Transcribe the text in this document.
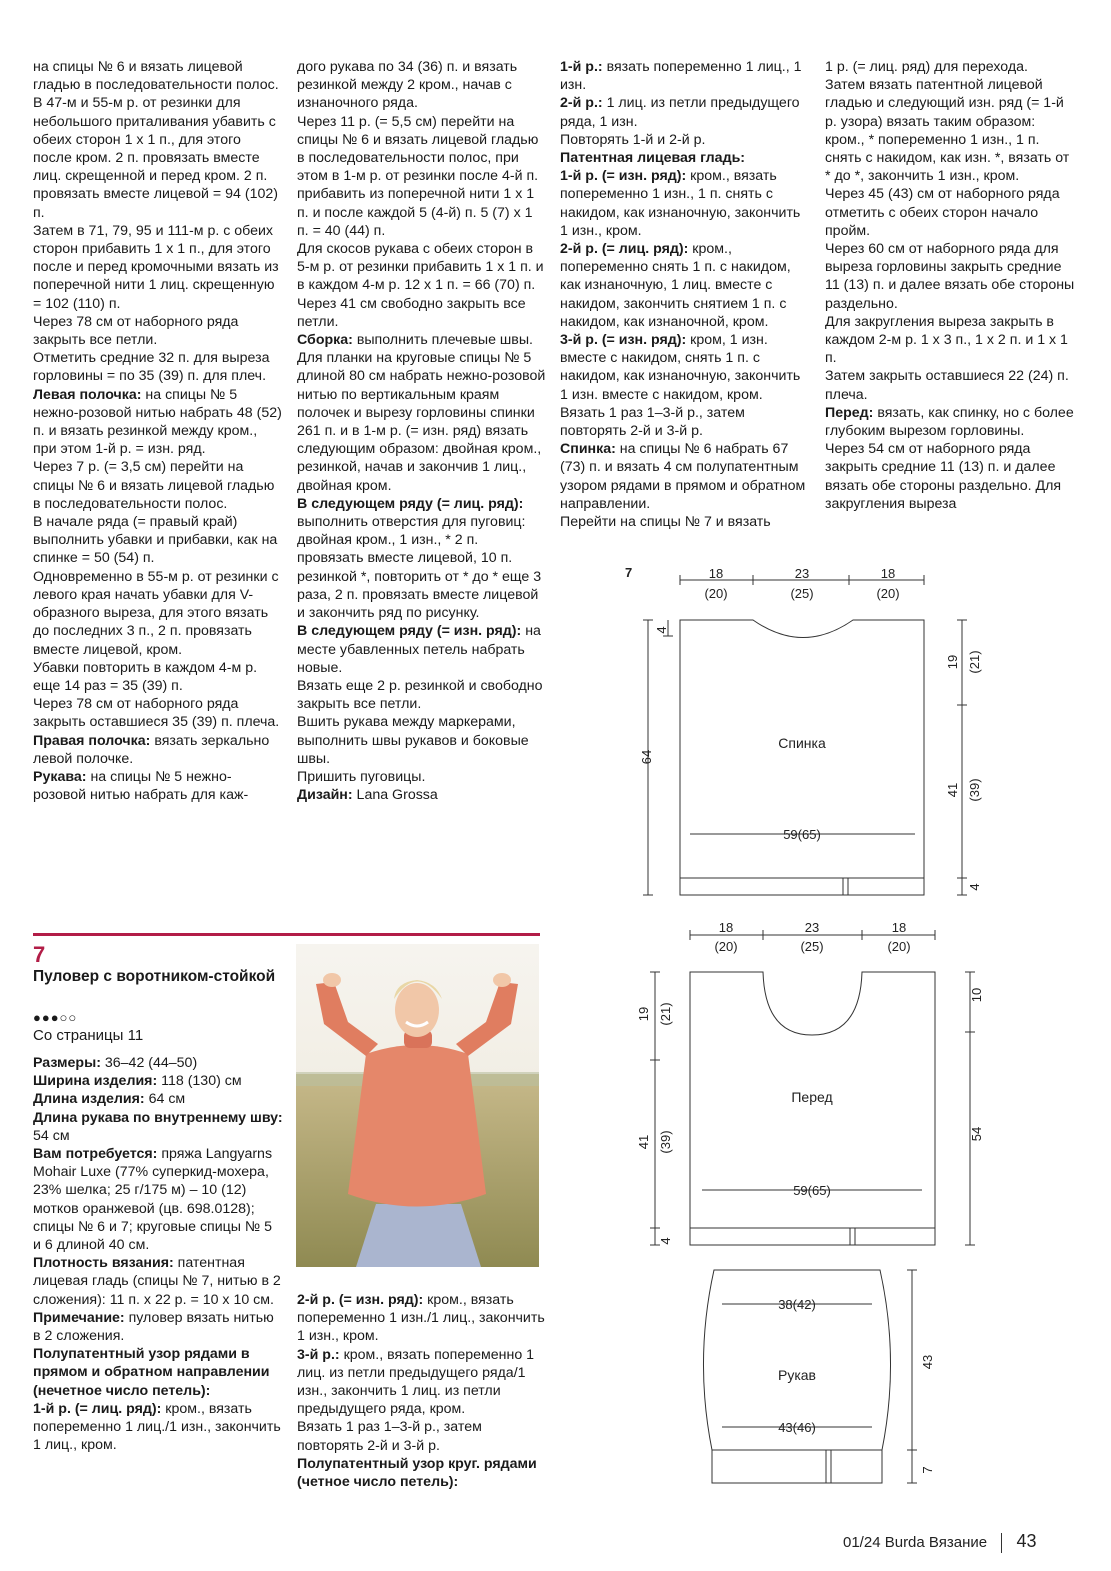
на спицы № 6 и вязать лицевой гладью в последовательности полос.

В 47-м и 55-м р. от резинки для небольшого приталивания убавить с обеих сторон 1 х 1 п., для этого после кром. 2 п. провязать вместе лиц. скрещенной и перед кром. 2 п. провязать вместе лицевой = 94 (102) п.

Затем в 71, 79, 95 и 111-м р. с обеих сторон прибавить 1 х 1 п., для этого после и перед кромочными вязать из поперечной нити 1 лиц. скрещенную = 102 (110) п.

Через 78 см от наборного ряда закрыть все петли.

Отметить средние 32 п. для выреза горловины = по 35 (39) п. для плеч.

Левая полочка: на спицы № 5 нежно-розовой нитью набрать 48 (52) п. и вязать резинкой между кром., при этом 1-й р. = изн. ряд.

Через 7 р. (= 3,5 см) перейти на спицы № 6 и вязать лицевой гладью в последовательности полос.

В начале ряда (= правый край) выполнить убавки и прибавки, как на спинке = 50 (54) п.

Одновременно в 55-м р. от резинки с левого края начать убавки для V-образного выреза, для этого вязать до последних 3 п., 2 п. провязать вместе лицевой, кром.

Убавки повторить в каждом 4-м р. еще 14 раз = 35 (39) п.

Через 78 см от наборного ряда закрыть оставшиеся 35 (39) п. плеча.

Правая полочка: вязать зеркально левой полочке.

Рукава: на спицы № 5 нежно-розовой нитью набрать для каж-

дого рукава по 34 (36) п. и вязать резинкой между 2 кром., начав с изнаночного ряда.

Через 11 р. (= 5,5 см) перейти на спицы № 6 и вязать лицевой гладью в последовательности полос, при этом в 1-м р. от резинки после 4-й п. прибавить из поперечной нити 1 х 1 п. и после каждой 5 (4-й) п. 5 (7) х 1 п. = 40 (44) п.

Для скосов рукава с обеих сторон в 5-м р. от резинки прибавить 1 х 1 п. и в каждом 4-м р. 12 х 1 п. = 66 (70) п.

Через 41 см свободно закрыть все петли.

Сборка: выполнить плечевые швы.

Для планки на круговые спицы № 5 длиной 80 см набрать нежно-розовой нитью по вертикальным краям полочек и вырезу горловины спинки 261 п. и в 1-м р. (= изн. ряд) вязать следующим образом: двойная кром., резинкой, начав и закончив 1 лиц., двойная кром.

В следующем ряду (= лиц. ряд): выполнить отверстия для пуговиц: двойная кром., 1 изн., * 2 п. провязать вместе лицевой, 10 п. резинкой *, повторить от * до * еще 3 раза, 2 п. провязать вместе лицевой и закончить ряд по рисунку.

В следующем ряду (= изн. ряд): на месте убавленных петель набрать новые.

Вязать еще 2 р. резинкой и свободно закрыть все петли.

Вшить рукава между маркерами, выполнить швы рукавов и боковые швы.

Пришить пуговицы.

Дизайн: Lana Grossa

1-й р.: вязать попеременно 1 лиц., 1 изн.

2-й р.: 1 лиц. из петли предыдущего ряда, 1 изн.

Повторять 1-й и 2-й р.

Патентная лицевая гладь:

1-й р. (= изн. ряд): кром., вязать попеременно 1 изн., 1 п. снять с накидом, как изнаночную, закончить 1 изн., кром.

2-й р. (= лиц. ряд): кром., попеременно снять 1 п. с накидом, как изнаночную, 1 лиц. вместе с накидом, закончить снятием 1 п. с накидом, как изнаночной, кром.

3-й р. (= изн. ряд): кром, 1 изн. вместе с накидом, снять 1 п. с накидом, как изнаночную, закончить 1 изн. вместе с накидом, кром.

Вязать 1 раз 1–3-й р., затем повторять 2-й и 3-й р.

Спинка: на спицы № 6 набрать 67 (73) п. и вязать 4 см полупатентным узором рядами в прямом и обратном направлении.

Перейти на спицы № 7 и вязать

1 р. (= лиц. ряд) для перехода.

Затем вязать патентной лицевой гладью и следующий изн. ряд (= 1-й р. узора) вязать таким образом: кром., * попеременно 1 изн., 1 п. снять с накидом, как изн. *, вязать от * до *, закончить 1 изн., кром.

Через 45 (43) см от наборного ряда отметить с обеих сторон начало пройм.

Через 60 см от наборного ряда для выреза горловины закрыть средние 11 (13) п. и далее вязать обе стороны раздельно.

Для закругления выреза закрыть в каждом 2-м р. 1 х 3 п., 1 х 2 п. и 1 х 1 п.

Затем закрыть оставшиеся 22 (24) п. плеча.

Перед: вязать, как спинку, но с более глубоким вырезом горловины.

Через 54 см от наборного ряда закрыть средние 11 (13) п. и далее вязать обе стороны раздельно. Для закругления выреза

7
Пуловер с воротником-стойкой
●●●○○
Со страницы 11

Размеры: 36–42 (44–50)

Ширина изделия: 118 (130) см

Длина изделия: 64 см

Длина рукава по внутреннему шву: 54 см

Вам потребуется: пряжа Langyarns Mohair Luxe (77% суперкид-мохера, 23% шелка; 25 г/175 м) – 10 (12) мотков оранжевой (цв. 698.0128); спицы № 6 и 7; круговые спицы № 5 и 6 длиной 40 см.

Плотность вязания: патентная лицевая гладь (спицы № 7, нитью в 2 сложения): 11 п. х 22 р. = 10 х 10 см.

Примечание: пуловер вязать нитью в 2 сложения.

Полупатентный узор рядами в прямом и обратном направлении (нечетное число петель):

1-й р. (= лиц. ряд): кром., вязать попеременно 1 лиц./1 изн., закончить 1 лиц., кром.

2-й р. (= изн. ряд): кром., вязать попеременно 1 изн./1 лиц., закончить 1 изн., кром.

3-й р.: кром., вязать попеременно 1 лиц. из петли предыдущего ряда/1 изн., закончить 1 лиц. из петли предыдущего ряда, кром.

Вязать 1 раз 1–3-й р., затем повторять 2-й и 3-й р.

Полупатентный узор круг. рядами (четное число петель):

7	18
(20)
23
(25)
18
(20)
Спинка
59(65)
64
4
19 (21)
41 (39)
4
18
(20)
23
(25)
18
(20)
Перед
59(65)
19 (21)
41 (39)
4
10
54
38(42)
Рукав
43(46)
43
7
01/24 Burda Вязание 43
